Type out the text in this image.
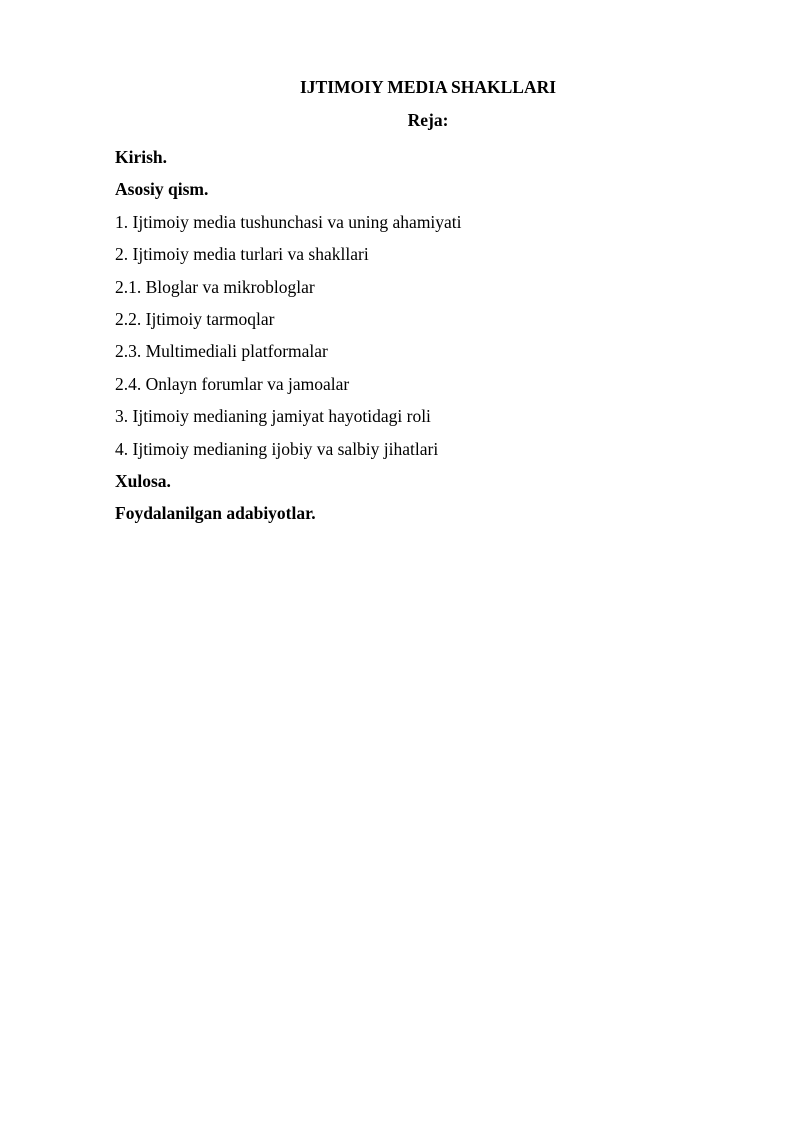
IJTIMOIY MEDIA SHAKLLARI
Reja:
Kirish.
Asosiy qism.
1. Ijtimoiy media tushunchasi va uning ahamiyati
2. Ijtimoiy media turlari va shakllari
2.1. Bloglar va mikrobloglar
2.2. Ijtimoiy tarmoqlar
2.3. Multimediali platformalar
2.4. Onlayn forumlar va jamoalar
3. Ijtimoiy medianing jamiyat hayotidagi roli
4. Ijtimoiy medianing ijobiy va salbiy jihatlari
Xulosa.
Foydalanilgan adabiyotlar.
